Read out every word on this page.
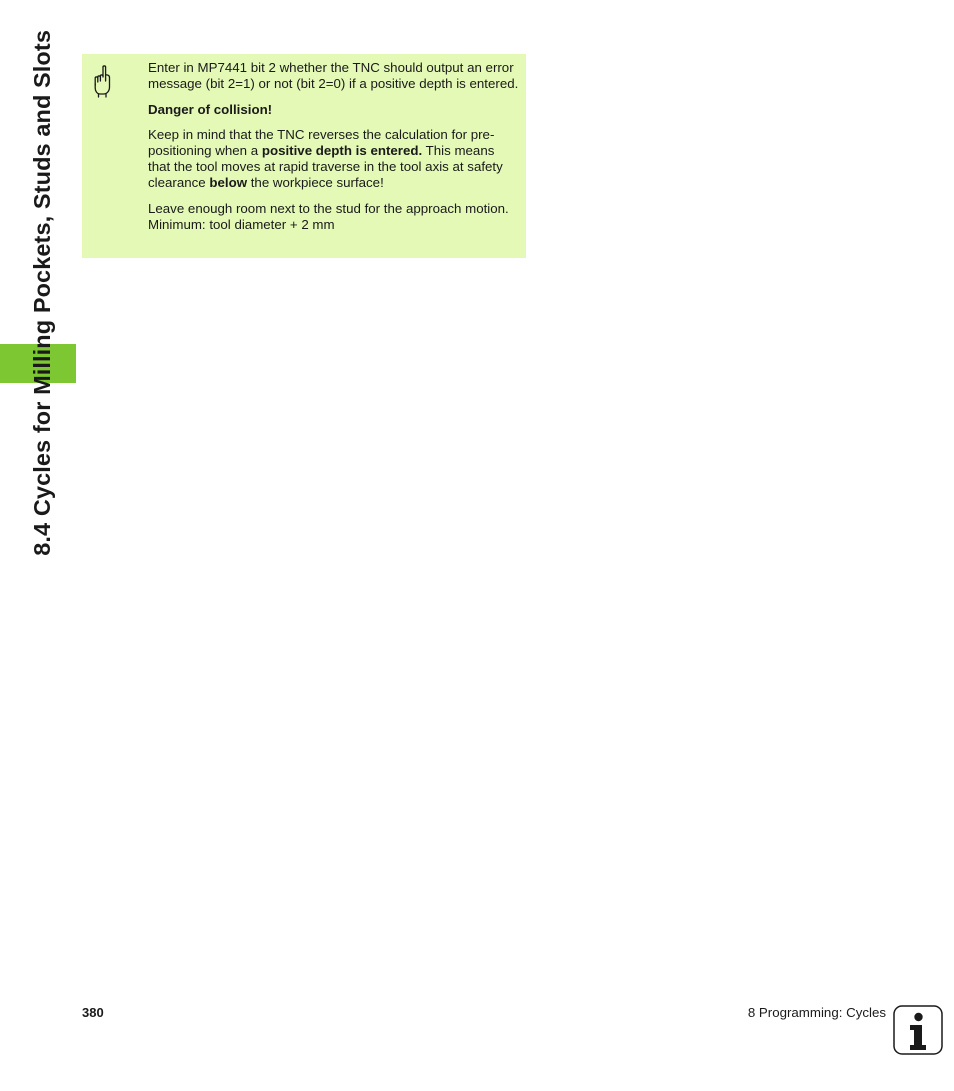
8.4 Cycles for Milling Pockets, Studs and Slots	Enter in MP7441 bit 2 whether the TNC should output an error message (bit 2=1) or not (bit 2=0) if a positive depth is entered.

Danger of collision!

Keep in mind that the TNC reverses the calculation for pre-positioning when a positive depth is entered. This means that the tool moves at rapid traverse in the tool axis at safety clearance below the workpiece surface!

Leave enough room next to the stud for the approach motion. Minimum: tool diameter + 2 mm

380	8 Programming: Cycles
